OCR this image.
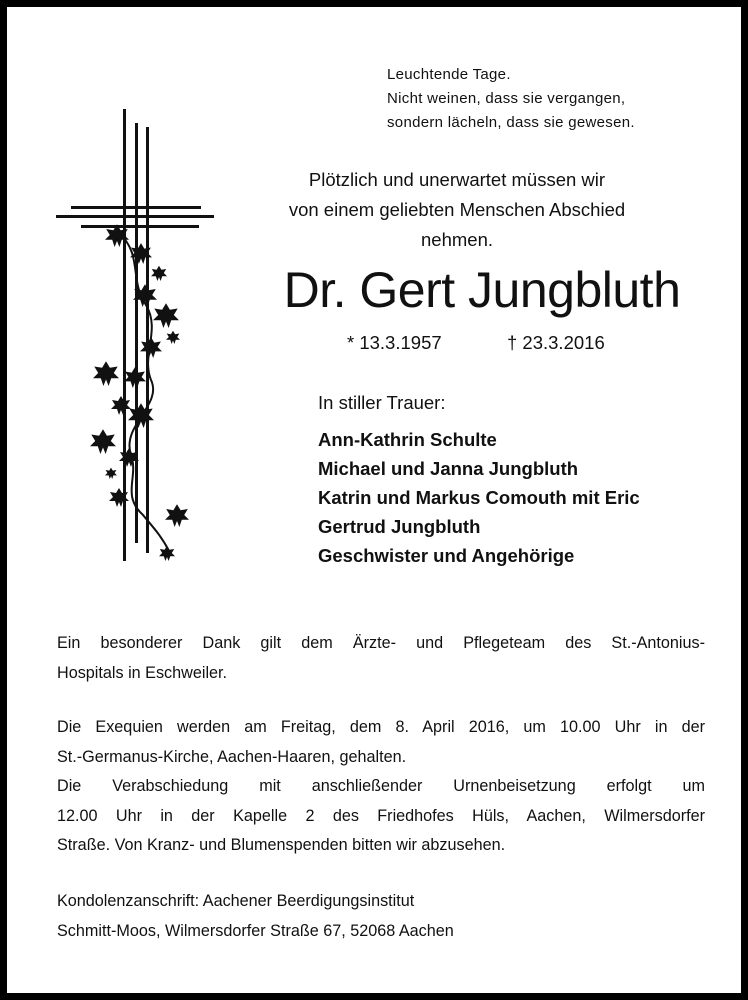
Leuchtende Tage.
Nicht weinen, dass sie vergangen,
sondern lächeln, dass sie gewesen.
Plötzlich und unerwartet müssen wir
von einem geliebten Menschen Abschied
nehmen.
Dr. Gert Jungbluth
* 13.3.1957	† 23.3.2016
In stiller Trauer:
Ann-Kathrin Schulte
Michael und Janna Jungbluth
Katrin und Markus Comouth mit Eric
Gertrud Jungbluth
Geschwister und Angehörige
Ein besonderer Dank gilt dem Ärzte- und Pflegeteam des St.-Antonius-
Hospitals in Eschweiler.
Die Exequien werden am Freitag, dem 8. April 2016, um 10.00 Uhr in der
St.-Germanus-Kirche, Aachen-Haaren, gehalten.
Die Verabschiedung mit anschließender Urnenbeisetzung erfolgt um
12.00 Uhr in der Kapelle 2 des Friedhofes Hüls, Aachen, Wilmersdorfer
Straße. Von Kranz- und Blumenspenden bitten wir abzusehen.
Kondolenzanschrift: Aachener Beerdigungsinstitut
Schmitt-Moos, Wilmersdorfer Straße 67, 52068 Aachen
